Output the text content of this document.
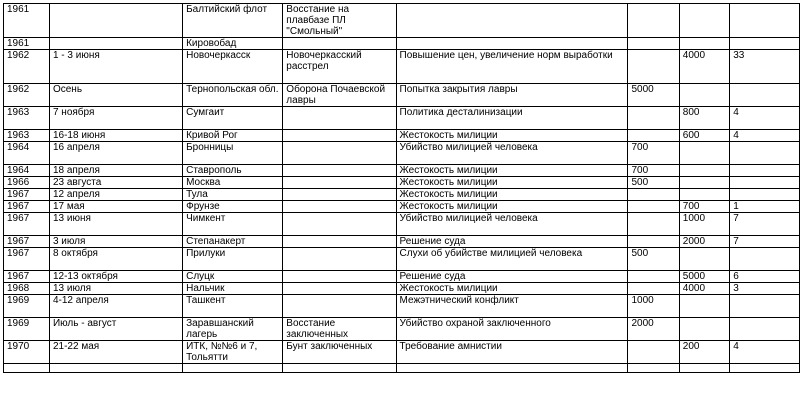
1961		Балтийский флот	Восстание на плавбазе ПЛ "Смольный"				
1961		Кировобад					
1962	1 - 3 июня	Новочеркасск	Новочеркасский расстрел	Повышение цен, увеличение норм выработки		4000	33
1962	Осень	Тернопольская обл.	Оборона Почаевской лавры	Попытка закрытия лавры	5000		
1963	7 ноября	Сумгаит		Политика десталинизации		800	4
1963	16-18 июня	Кривой Рог		Жестокость милиции		600	4
1964	16 апреля	Бронницы		Убийство милицией человека	700		
1964	18 апреля	Ставрополь		Жестокость милиции	700		
1966	23 августа	Москва		Жестокость милиции	500		
1967	12 апреля	Тула		Жестокость милиции			
1967	17 мая	Фрунзе		Жестокость милиции		700	1
1967	13 июня	Чимкент		Убийство милицией человека		1000	7
1967	3 июля	Степанакерт		Решение суда		2000	7
1967	8 октября	Прилуки		Слухи об убийстве милицией человека	500		
1967	12-13 октября	Слуцк		Решение суда		5000	6
1968	13 июля	Нальчик		Жестокость милиции		4000	3
1969	4-12 апреля	Ташкент		Межэтнический конфликт	1000		
1969	Июль - август	Заравшанский лагерь	Восстание заключенных	Убийство охраной заключенного	2000		
1970	21-22 мая	ИТК, №№6 и 7, Тольятти	Бунт заключенных	Требование амнистии		200	4
